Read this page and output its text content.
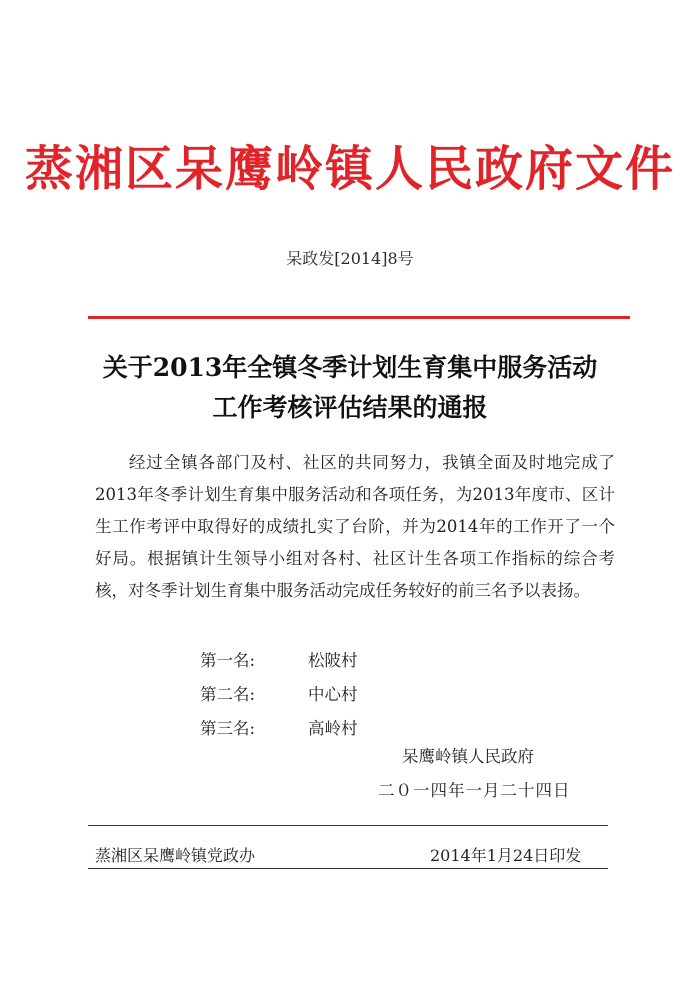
蒸湘区呆鹰岭镇人民政府文件
呆政发[2014]8号
关于2013年全镇冬季计划生育集中服务活动
工作考核评估结果的通报
经过全镇各部门及村、社区的共同努力，我镇全面及时地完成了2013年冬季计划生育集中服务活动和各项任务，为2013年度市、区计生工作考评中取得好的成绩扎实了台阶，并为2014年的工作开了一个好局。根据镇计生领导小组对各村、社区计生各项工作指标的综合考核，对冬季计划生育集中服务活动完成任务较好的前三名予以表扬。
第一名:	松陂村
第二名:	中心村
第三名:	高岭村
呆鹰岭镇人民政府
二０一四年一月二十四日
蒸湘区呆鹰岭镇党政办	2014年1月24日印发
